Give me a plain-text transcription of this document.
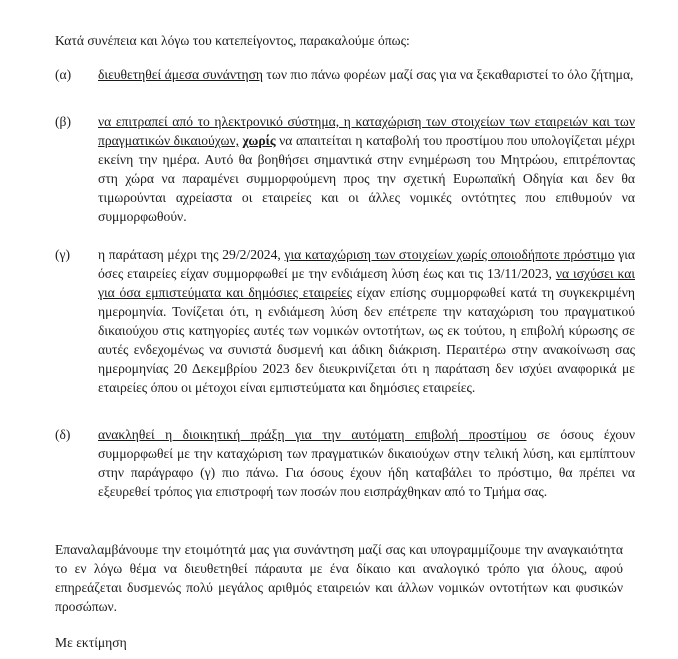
Κατά συνέπεια και λόγω του κατεπείγοντος, παρακαλούμε όπως:

(α)	διευθετηθεί άμεσα συνάντηση των πιο πάνω φορέων μαζί σας για να ξεκαθαριστεί το όλο ζήτημα,
(β)	να επιτραπεί από το ηλεκτρονικό σύστημα, η καταχώριση των στοιχείων των εταιρειών και των πραγματικών δικαιούχων, χωρίς να απαιτείται η καταβολή του προστίμου που υπολογίζεται μέχρι εκείνη την ημέρα. Αυτό θα βοηθήσει σημαντικά στην ενημέρωση του Μητρώου, επιτρέποντας στη χώρα να παραμένει συμμορφούμενη προς την σχετική Ευρωπαϊκή Οδηγία και δεν θα τιμωρούνται αχρείαστα οι εταιρείες και οι άλλες νομικές οντότητες που επιθυμούν να συμμορφωθούν.
(γ)	η παράταση μέχρι της 29/2/2024, για καταχώριση των στοιχείων χωρίς οποιοδήποτε πρόστιμο για όσες εταιρείες είχαν συμμορφωθεί με την ενδιάμεση λύση έως και τις 13/11/2023, να ισχύσει και για όσα εμπιστεύματα και δημόσιες εταιρείες είχαν επίσης συμμορφωθεί κατά τη συγκεκριμένη ημερομηνία. Τονίζεται ότι, η ενδιάμεση λύση δεν επέτρεπε την καταχώριση του πραγματικού δικαιούχου στις κατηγορίες αυτές των νομικών οντοτήτων, ως εκ τούτου, η επιβολή κύρωσης σε αυτές ενδεχομένως να συνιστά δυσμενή και άδικη διάκριση. Περαιτέρω στην ανακοίνωση σας ημερομηνίας 20 Δεκεμβρίου 2023 δεν διευκρινίζεται ότι η παράταση δεν ισχύει αναφορικά με εταιρείες όπου οι μέτοχοι είναι εμπιστεύματα και δημόσιες εταιρείες.
(δ)	ανακληθεί η διοικητική πράξη για την αυτόματη επιβολή προστίμου σε όσους έχουν συμμορφωθεί με την καταχώριση των πραγματικών δικαιούχων στην τελική λύση, και εμπίπτουν στην παράγραφο (γ) πιο πάνω. Για όσους έχουν ήδη καταβάλει το πρόστιμο, θα πρέπει να εξευρεθεί τρόπος για επιστροφή των ποσών που εισπράχθηκαν από το Τμήμα σας.

Επαναλαμβάνουμε την ετοιμότητά μας για συνάντηση μαζί σας και υπογραμμίζουμε την αναγκαιότητα το εν λόγω θέμα να διευθετηθεί πάραυτα με ένα δίκαιο και αναλογικό τρόπο για όλους, αφού επηρεάζεται δυσμενώς πολύ μεγάλος αριθμός εταιρειών και άλλων νομικών οντοτήτων και φυσικών προσώπων.

Με εκτίμηση
